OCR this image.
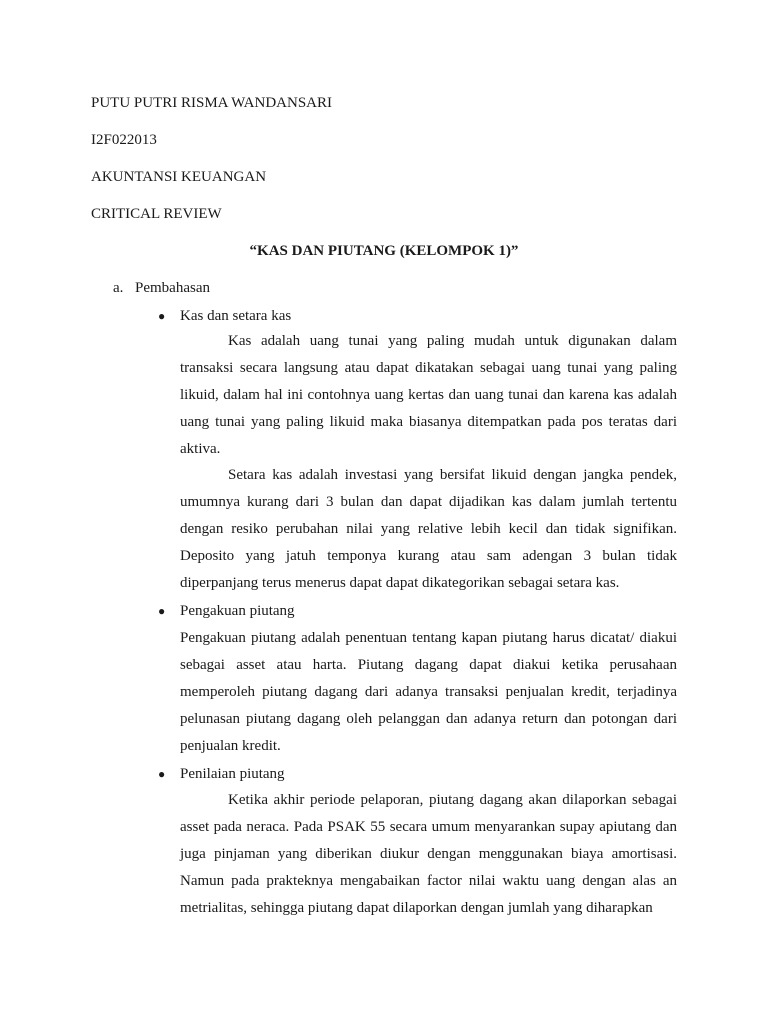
PUTU PUTRI RISMA WANDANSARI
I2F022013
AKUNTANSI KEUANGAN
CRITICAL REVIEW
“KAS DAN PIUTANG (KELOMPOK 1)”
a. Pembahasan
● Kas dan setara kas

Kas adalah uang tunai yang paling mudah untuk digunakan dalam transaksi secara langsung atau dapat dikatakan sebagai uang tunai yang paling likuid, dalam hal ini contohnya uang kertas dan uang tunai dan karena kas adalah uang tunai yang paling likuid maka biasanya ditempatkan pada pos teratas dari aktiva.

Setara kas adalah investasi yang bersifat likuid dengan jangka pendek, umumnya kurang dari 3 bulan dan dapat dijadikan kas dalam jumlah tertentu dengan resiko perubahan nilai yang relative lebih kecil dan tidak signifikan. Deposito yang jatuh temponya kurang atau sam adengan 3 bulan tidak diperpanjang terus menerus dapat dapat dikategorikan sebagai setara kas.

● Pengakuan piutang

Pengakuan piutang adalah penentuan tentang kapan piutang harus dicatat/ diakui sebagai asset atau harta. Piutang dagang dapat diakui ketika perusahaan memperoleh piutang dagang dari adanya transaksi penjualan kredit, terjadinya pelunasan piutang dagang oleh pelanggan dan adanya return dan potongan dari penjualan kredit.

● Penilaian piutang

Ketika akhir periode pelaporan, piutang dagang akan dilaporkan sebagai asset pada neraca. Pada PSAK 55 secara umum menyarankan supay apiutang dan juga pinjaman yang diberikan diukur dengan menggunakan biaya amortisasi. Namun pada prakteknya mengabaikan factor nilai waktu uang dengan alas an metrialitas, sehingga piutang dapat dilaporkan dengan jumlah yang diharapkan
